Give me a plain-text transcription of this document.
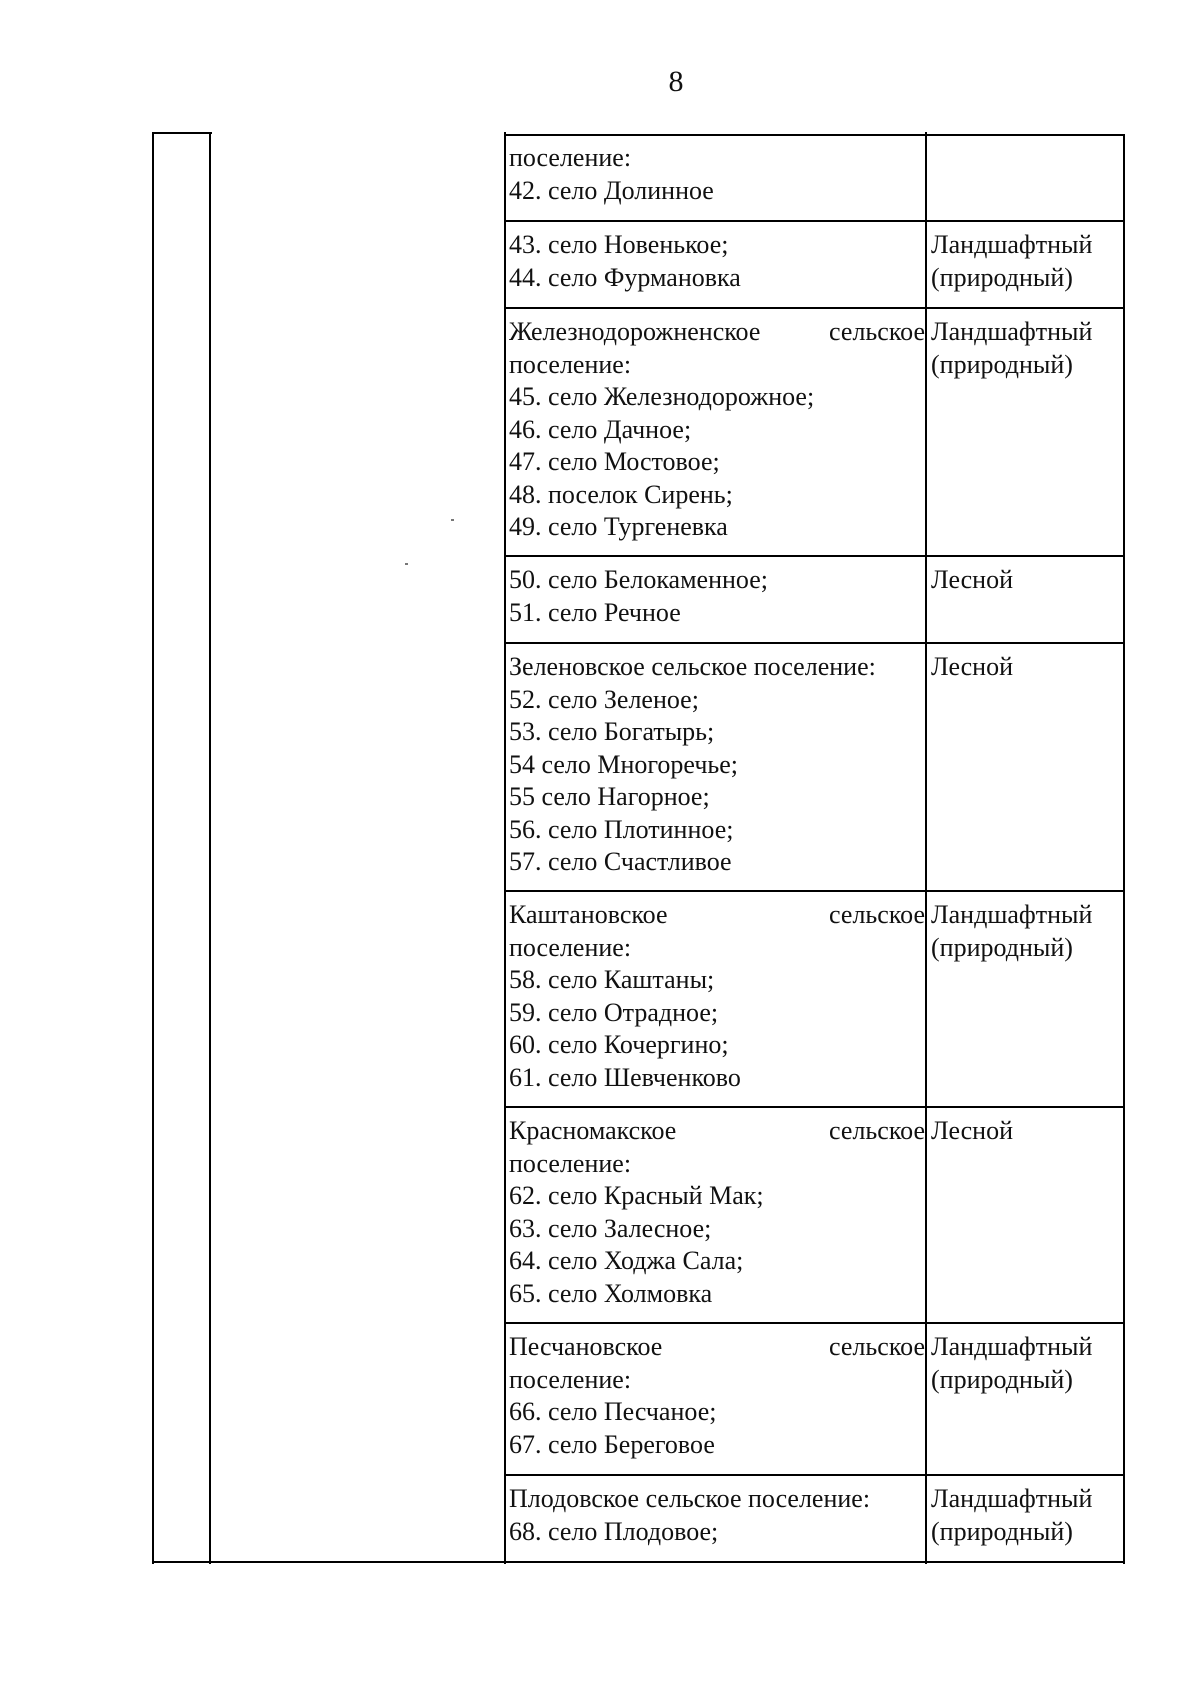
8
поселение:
42. село Долинное
43. село Новенькое;
44. село Фурмановка
Ландшафтный
(природный)
Железнодорожненское сельское
поселение:
45. село Железнодорожное;
46. село Дачное;
47. село Мостовое;
48. поселок Сирень;
49. село Тургеневка
Ландшафтный
(природный)
50. село Белокаменное;
51. село Речное
Лесной
Зеленовское сельское поселение:
52. село Зеленое;
53. село Богатырь;
54 село Многоречье;
55 село Нагорное;
56. село Плотинное;
57. село Счастливое
Лесной
Каштановское сельское
поселение:
58. село Каштаны;
59. село Отрадное;
60. село Кочергино;
61. село Шевченково
Ландшафтный
(природный)
Красномакское сельское
поселение:
62. село Красный Мак;
63. село Залесное;
64. село Ходжа Сала;
65. село Холмовка
Лесной
Песчановское сельское
поселение:
66. село Песчаное;
67. село Береговое
Ландшафтный
(природный)
Плодовское сельское поселение:
68. село Плодовое;
Ландшафтный
(природный)
